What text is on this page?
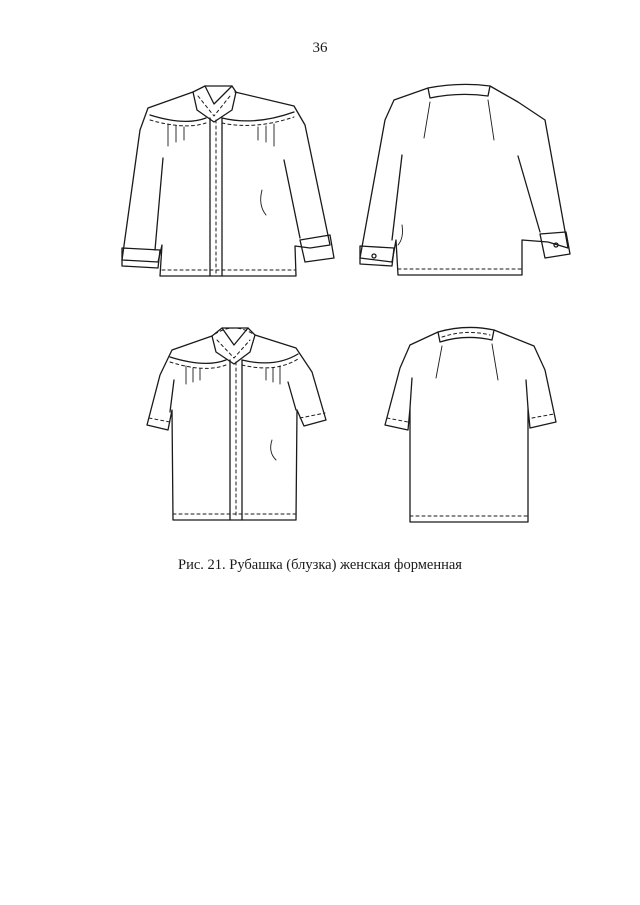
36
Рис. 21. Рубашка (блузка) женская форменная
